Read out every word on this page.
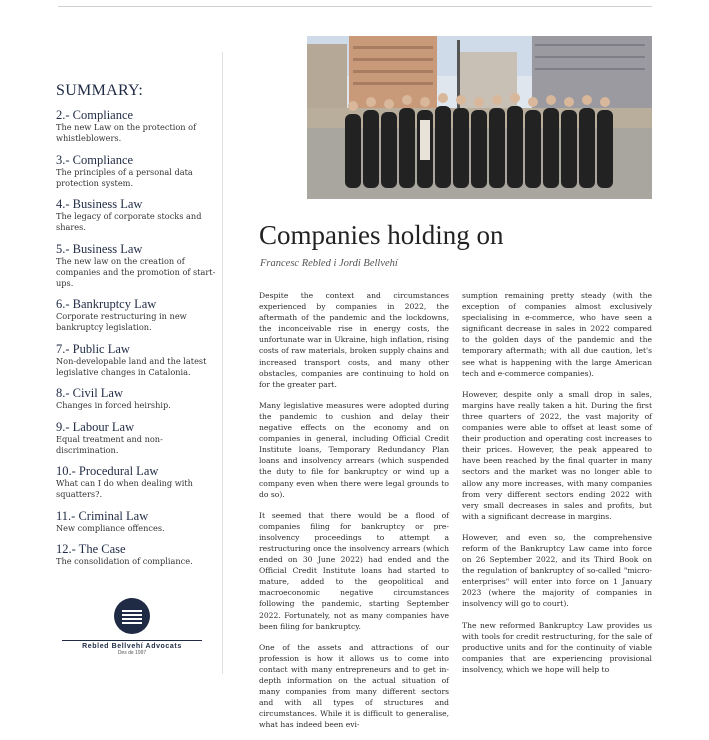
SUMMARY:
2.- Compliance
The new Law on the protection of whistleblowers.
3.- Compliance
The principles of a personal data protection system.
4.- Business Law
The legacy of corporate stocks and shares.
5.- Business Law
The new law on the creation of companies and the promotion of start-ups.
6.- Bankruptcy Law
Corporate restructuring in new bankruptcy legislation.
7.- Public Law
Non-developable land and the latest legislative changes in Catalonia.
8.- Civil Law
Changes in forced heirship.
9.- Labour Law
Equal treatment and non-discrimination.
10.- Procedural Law
What can I do when dealing with squatters?.
11.- Criminal Law
New compliance offences.
12.- The Case
The consolidation of compliance.
Rebled Bellvehí Advocats
Des de 1997
Companies holding on
Francesc Rebled i Jordi Bellvehí

Despite the context and circumstances experienced by companies in 2022, the aftermath of the pandemic and the lockdowns, the inconceivable rise in energy costs, the unfortunate war in Ukraine, high inflation, rising costs of raw materials, broken supply chains and increased transport costs, and many other obstacles, companies are continuing to hold on for the greater part.

Many legislative measures were adopted during the pandemic to cushion and delay their negative effects on the economy and on companies in general, including Official Credit Institute loans, Temporary Redundancy Plan loans and insolvency arrears (which suspended the duty to file for bankruptcy or wind up a company even when there were legal grounds to do so).

It seemed that there would be a flood of companies filing for bankruptcy or pre-insolvency proceedings to attempt a restructuring once the insolvency arrears (which ended on 30 June 2022) had ended and the Official Credit Institute loans had started to mature, added to the geopolitical and macroeconomic negative circumstances following the pandemic, starting September 2022. Fortunately, not as many companies have been filing for bankruptcy.

One of the assets and attractions of our profession is how it allows us to come into contact with many entrepreneurs and to get in-depth information on the actual situation of many companies from many different sectors and with all types of structures and circumstances. While it is difficult to generalise, what has indeed been evi-

sumption remaining pretty steady (with the exception of companies almost exclusively specialising in e-commerce, who have seen a significant decrease in sales in 2022 compared to the golden days of the pandemic and the temporary aftermath; with all due caution, let's see what is happening with the large American tech and e-commerce companies).

However, despite only a small drop in sales, margins have really taken a hit. During the first three quarters of 2022, the vast majority of companies were able to offset at least some of their production and operating cost increases to their prices. However, the peak appeared to have been reached by the final quarter in many sectors and the market was no longer able to allow any more increases, with many companies from very different sectors ending 2022 with very small decreases in sales and profits, but with a significant decrease in margins.

However, and even so, the comprehensive reform of the Bankruptcy Law came into force on 26 September 2022, and its Third Book on the regulation of bankruptcy of so-called "micro-enterprises" will enter into force on 1 January 2023 (where the majority of companies in insolvency will go to court).

The new reformed Bankruptcy Law provides us with tools for credit restructuring, for the sale of productive units and for the continuity of viable companies that are experiencing provisional insolvency, which we hope will help to
